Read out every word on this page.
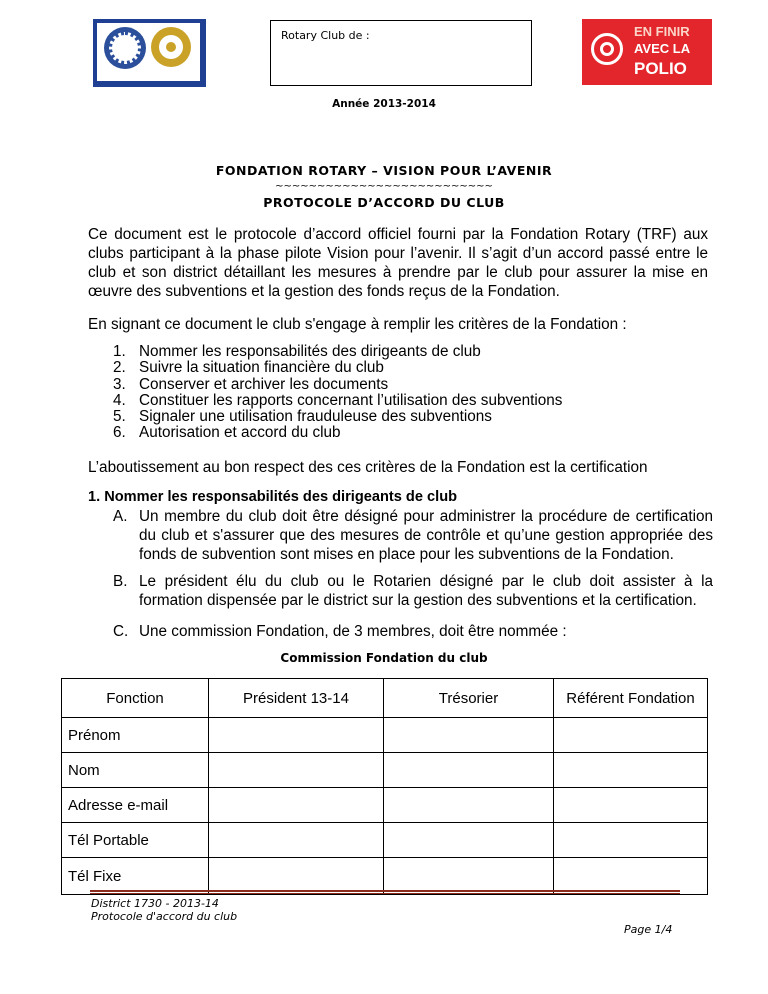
Rotary Club de :	EN FINIR
AVEC LA
POLIO
Année 2013-2014
FONDATION ROTARY – VISION POUR L’AVENIR
~~~~~~~~~~~~~~~~~~~~~~~~~~
PROTOCOLE D’ACCORD DU CLUB

Ce document est le protocole d’accord officiel fourni par la Fondation Rotary (TRF) aux clubs participant à la phase pilote Vision pour l’avenir. Il s’agit d’un accord passé entre le club et son district détaillant les mesures à prendre par le club pour assurer la mise en œuvre des subventions et la gestion des fonds reçus de la Fondation.

En signant ce document le club s'engage à remplir les critères de la Fondation :

1. Nommer les responsabilités des dirigeants de club
2. Suivre la situation financière du club
3. Conserver et archiver les documents
4. Constituer les rapports concernant l’utilisation des subventions
5. Signaler une utilisation frauduleuse des subventions
6. Autorisation et accord du club

L’aboutissement au bon respect des ces critères de la Fondation est la certification

1. Nommer les responsabilités des dirigeants de club
A. Un membre du club doit être désigné pour administrer la procédure de certification du club et s'assurer que des mesures de contrôle et qu’une gestion appropriée des fonds de subvention sont mises en place pour les subventions de la Fondation.

B. Le président élu du club ou le Rotarien désigné par le club doit assister à la formation dispensée par le district sur la gestion des subventions et la certification.

C. Une commission Fondation, de 3 membres, doit être nommée :

Commission Fondation du club
Fonction	Président 13-14	Trésorier	Référent Fondation
Prénom			
Nom			
Adresse e-mail			
Tél Portable			
Tél Fixe			
District 1730 - 2013-14
Protocole d'accord du club
Page 1/4
